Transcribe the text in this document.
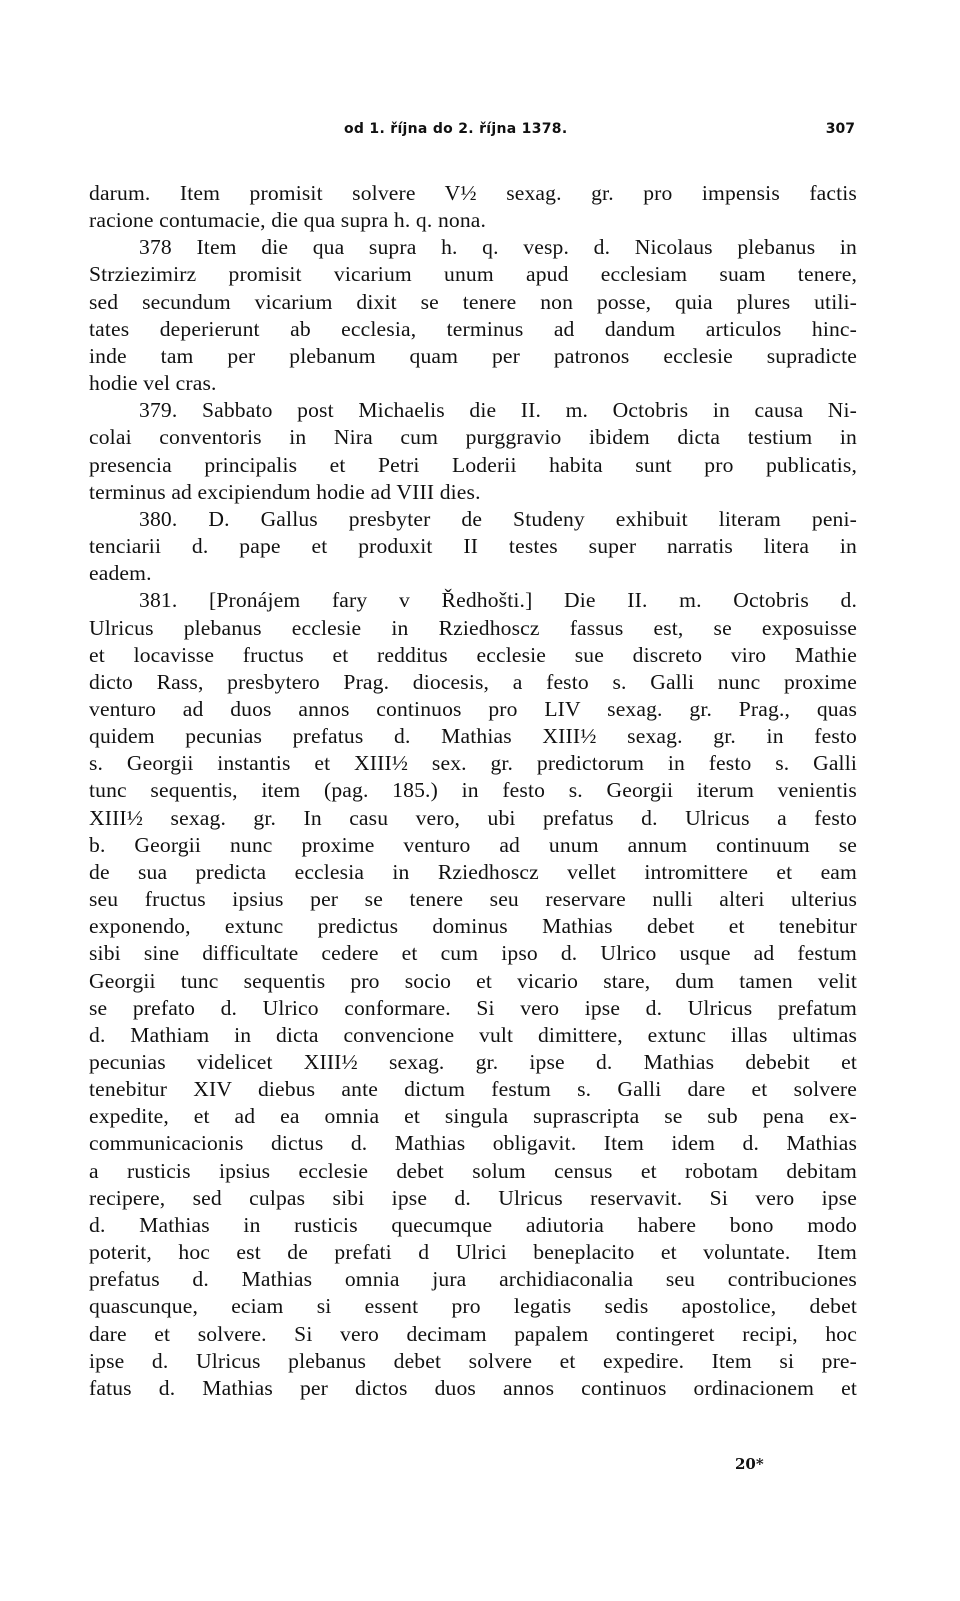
od 1. října do 2. října 1378.	307
darum. Item promisit solvere V½ sexag. gr. pro impensis factis
racione contumacie, die qua supra h. q. nona.
378 Item die qua supra h. q. vesp. d. Nicolaus plebanus in
Strziezimirz promisit vicarium unum apud ecclesiam suam tenere,
sed secundum vicarium dixit se tenere non posse, quia plures utili-
tates deperierunt ab ecclesia, terminus ad dandum articulos hinc-
inde tam per plebanum quam per patronos ecclesie supradicte
hodie vel cras.
379. Sabbato post Michaelis die II. m. Octobris in causa Ni-
colai conventoris in Nira cum purggravio ibidem dicta testium in
presencia principalis et Petri Loderii habita sunt pro publicatis,
terminus ad excipiendum hodie ad VIII dies.
380. D. Gallus presbyter de Studeny exhibuit literam peni-
tenciarii d. pape et produxit II testes super narratis litera in
eadem.
381. [Pronájem fary v Ředhošti.] Die II. m. Octobris d.
Ulricus plebanus ecclesie in Rziedhoscz fassus est, se exposuisse
et locavisse fructus et redditus ecclesie sue discreto viro Mathie
dicto Rass, presbytero Prag. diocesis, a festo s. Galli nunc proxime
venturo ad duos annos continuos pro LIV sexag. gr. Prag., quas
quidem pecunias prefatus d. Mathias XIII½ sexag. gr. in festo
s. Georgii instantis et XIII½ sex. gr. predictorum in festo s. Galli
tunc sequentis, item (pag. 185.) in festo s. Georgii iterum venientis
XIII½ sexag. gr. In casu vero, ubi prefatus d. Ulricus a festo
b. Georgii nunc proxime venturo ad unum annum continuum se
de sua predicta ecclesia in Rziedhoscz vellet intromittere et eam
seu fructus ipsius per se tenere seu reservare nulli alteri ulterius
exponendo, extunc predictus dominus Mathias debet et tenebitur
sibi sine difficultate cedere et cum ipso d. Ulrico usque ad festum
Georgii tunc sequentis pro socio et vicario stare, dum tamen velit
se prefato d. Ulrico conformare. Si vero ipse d. Ulricus prefatum
d. Mathiam in dicta convencione vult dimittere, extunc illas ultimas
pecunias videlicet XIII½ sexag. gr. ipse d. Mathias debebit et
tenebitur XIV diebus ante dictum festum s. Galli dare et solvere
expedite, et ad ea omnia et singula suprascripta se sub pena ex-
communicacionis dictus d. Mathias obligavit. Item idem d. Mathias
a rusticis ipsius ecclesie debet solum census et robotam debitam
recipere, sed culpas sibi ipse d. Ulricus reservavit. Si vero ipse
d. Mathias in rusticis quecumque adiutoria habere bono modo
poterit, hoc est de prefati d Ulrici beneplacito et voluntate. Item
prefatus d. Mathias omnia jura archidiaconalia seu contribuciones
quascunque, eciam si essent pro legatis sedis apostolice, debet
dare et solvere. Si vero decimam papalem contingeret recipi, hoc
ipse d. Ulricus plebanus debet solvere et expedire. Item si pre-
fatus d. Mathias per dictos duos annos continuos ordinacionem et
20*
